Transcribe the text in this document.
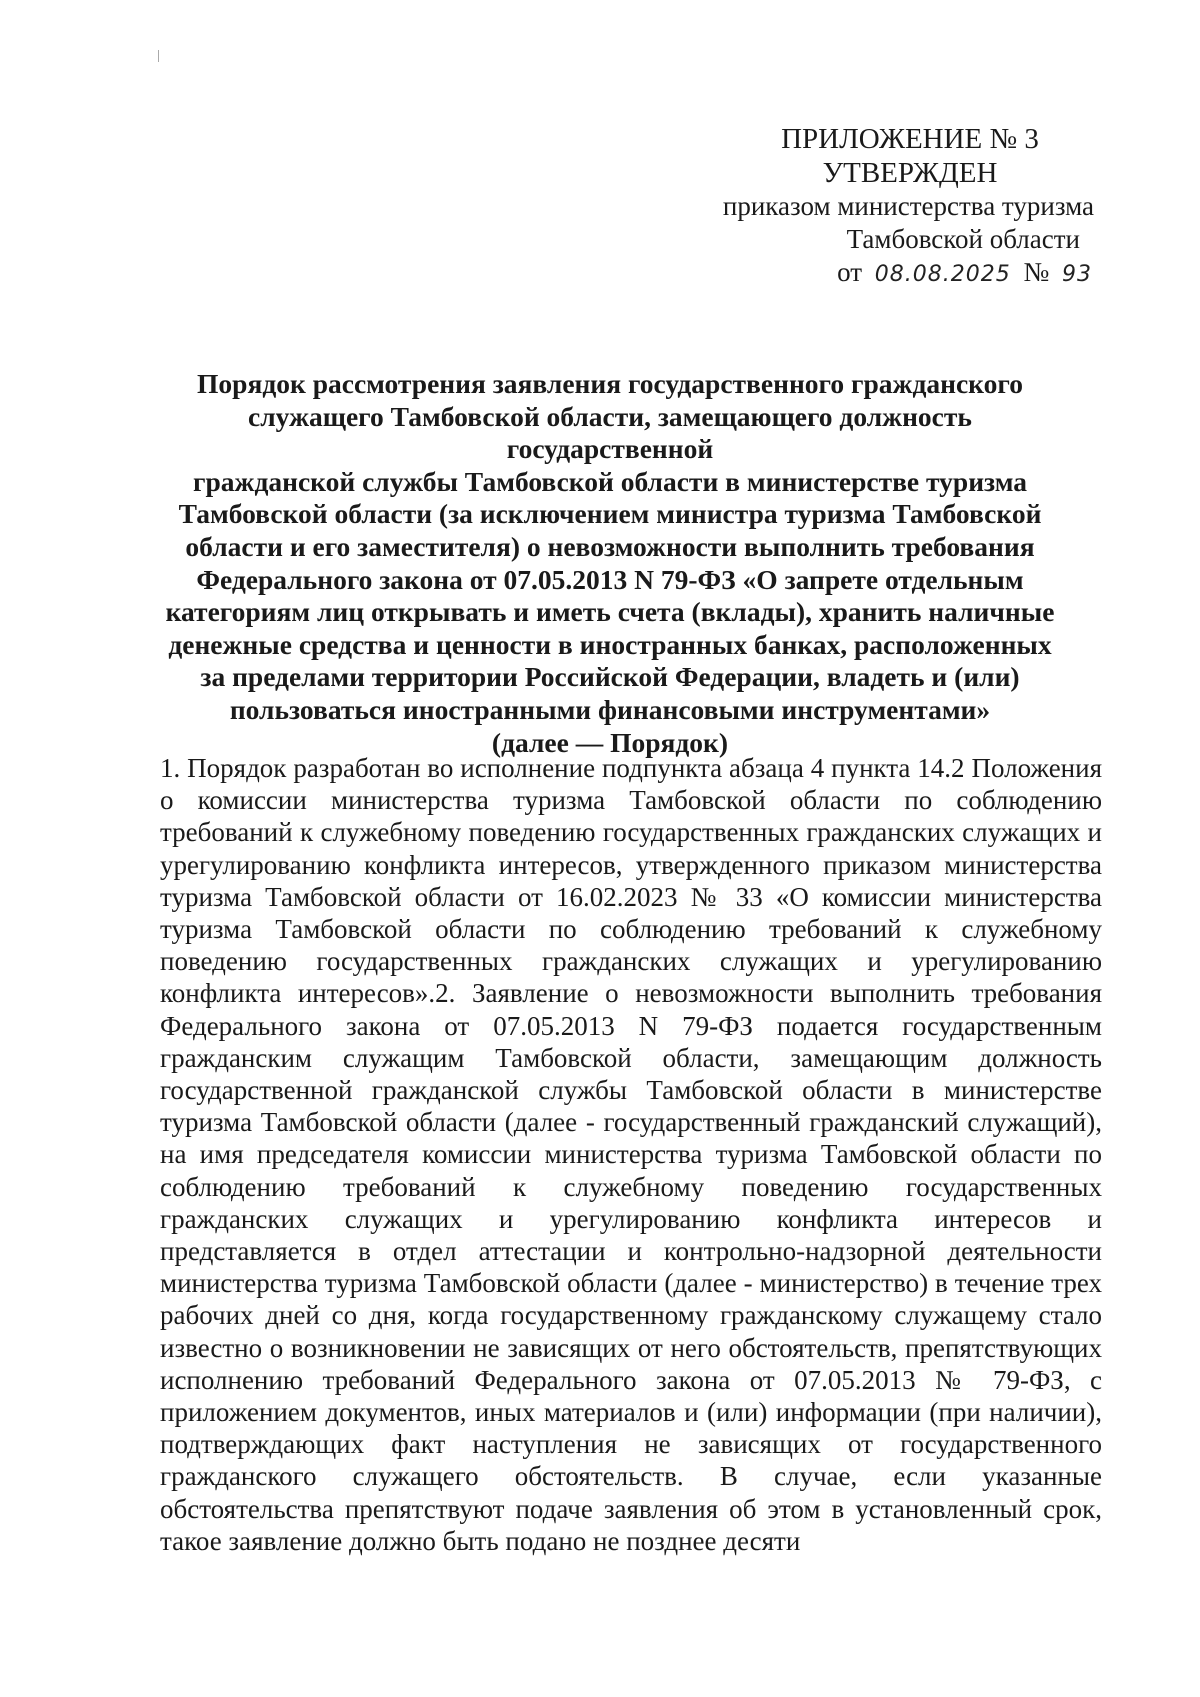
ПРИЛОЖЕНИЕ № 3
УТВЕРЖДЕН
приказом министерства туризма
Тамбовской области
от 08.08.2025 № 93
Порядок рассмотрения заявления государственного гражданского
служащего Тамбовской области, замещающего должность государственной
гражданской службы Тамбовской области в министерстве туризма
Тамбовской области (за исключением министра туризма Тамбовской
области и его заместителя) о невозможности выполнить требования
Федерального закона от 07.05.2013 N 79-ФЗ «О запрете отдельным
категориям лиц открывать и иметь счета (вклады), хранить наличные
денежные средства и ценности в иностранных банках, расположенных
за пределами территории Российской Федерации, владеть и (или)
пользоваться иностранными финансовыми инструментами»
(далее — Порядок)

1. Порядок разработан во исполнение подпункта абзаца 4 пункта 14.2 Положения о комиссии министерства туризма Тамбовской области по соблюдению требований к служебному поведению государственных гражданских служащих и урегулированию конфликта интересов, утвержденного приказом министерства туризма Тамбовской области от 16.02.2023 № 33 «О комиссии министерства туризма Тамбовской области по соблюдению требований к служебному поведению государственных гражданских служащих и урегулированию конфликта интересов».2. Заявление о невозможности выполнить требования Федерального закона от 07.05.2013 N 79-ФЗ подается государственным гражданским служащим Тамбовской области, замещающим должность государственной гражданской службы Тамбовской области в министерстве туризма Тамбовской области (далее - государственный гражданский служащий), на имя председателя комиссии министерства туризма Тамбовской области по соблюдению требований к служебному поведению государственных гражданских служащих и урегулированию конфликта интересов и представляется в отдел аттестации и контрольно-надзорной деятельности министерства туризма Тамбовской области (далее - министерство) в течение трех рабочих дней со дня, когда государственному гражданскому служащему стало известно о возникновении не зависящих от него обстоятельств, препятствующих исполнению требований Федерального закона от 07.05.2013 № 79-ФЗ, с приложением документов, иных материалов и (или) информации (при наличии), подтверждающих факт наступления не зависящих от государственного гражданского служащего обстоятельств. В случае, если указанные обстоятельства препятствуют подаче заявления об этом в установленный срок, такое заявление должно быть подано не позднее десяти
